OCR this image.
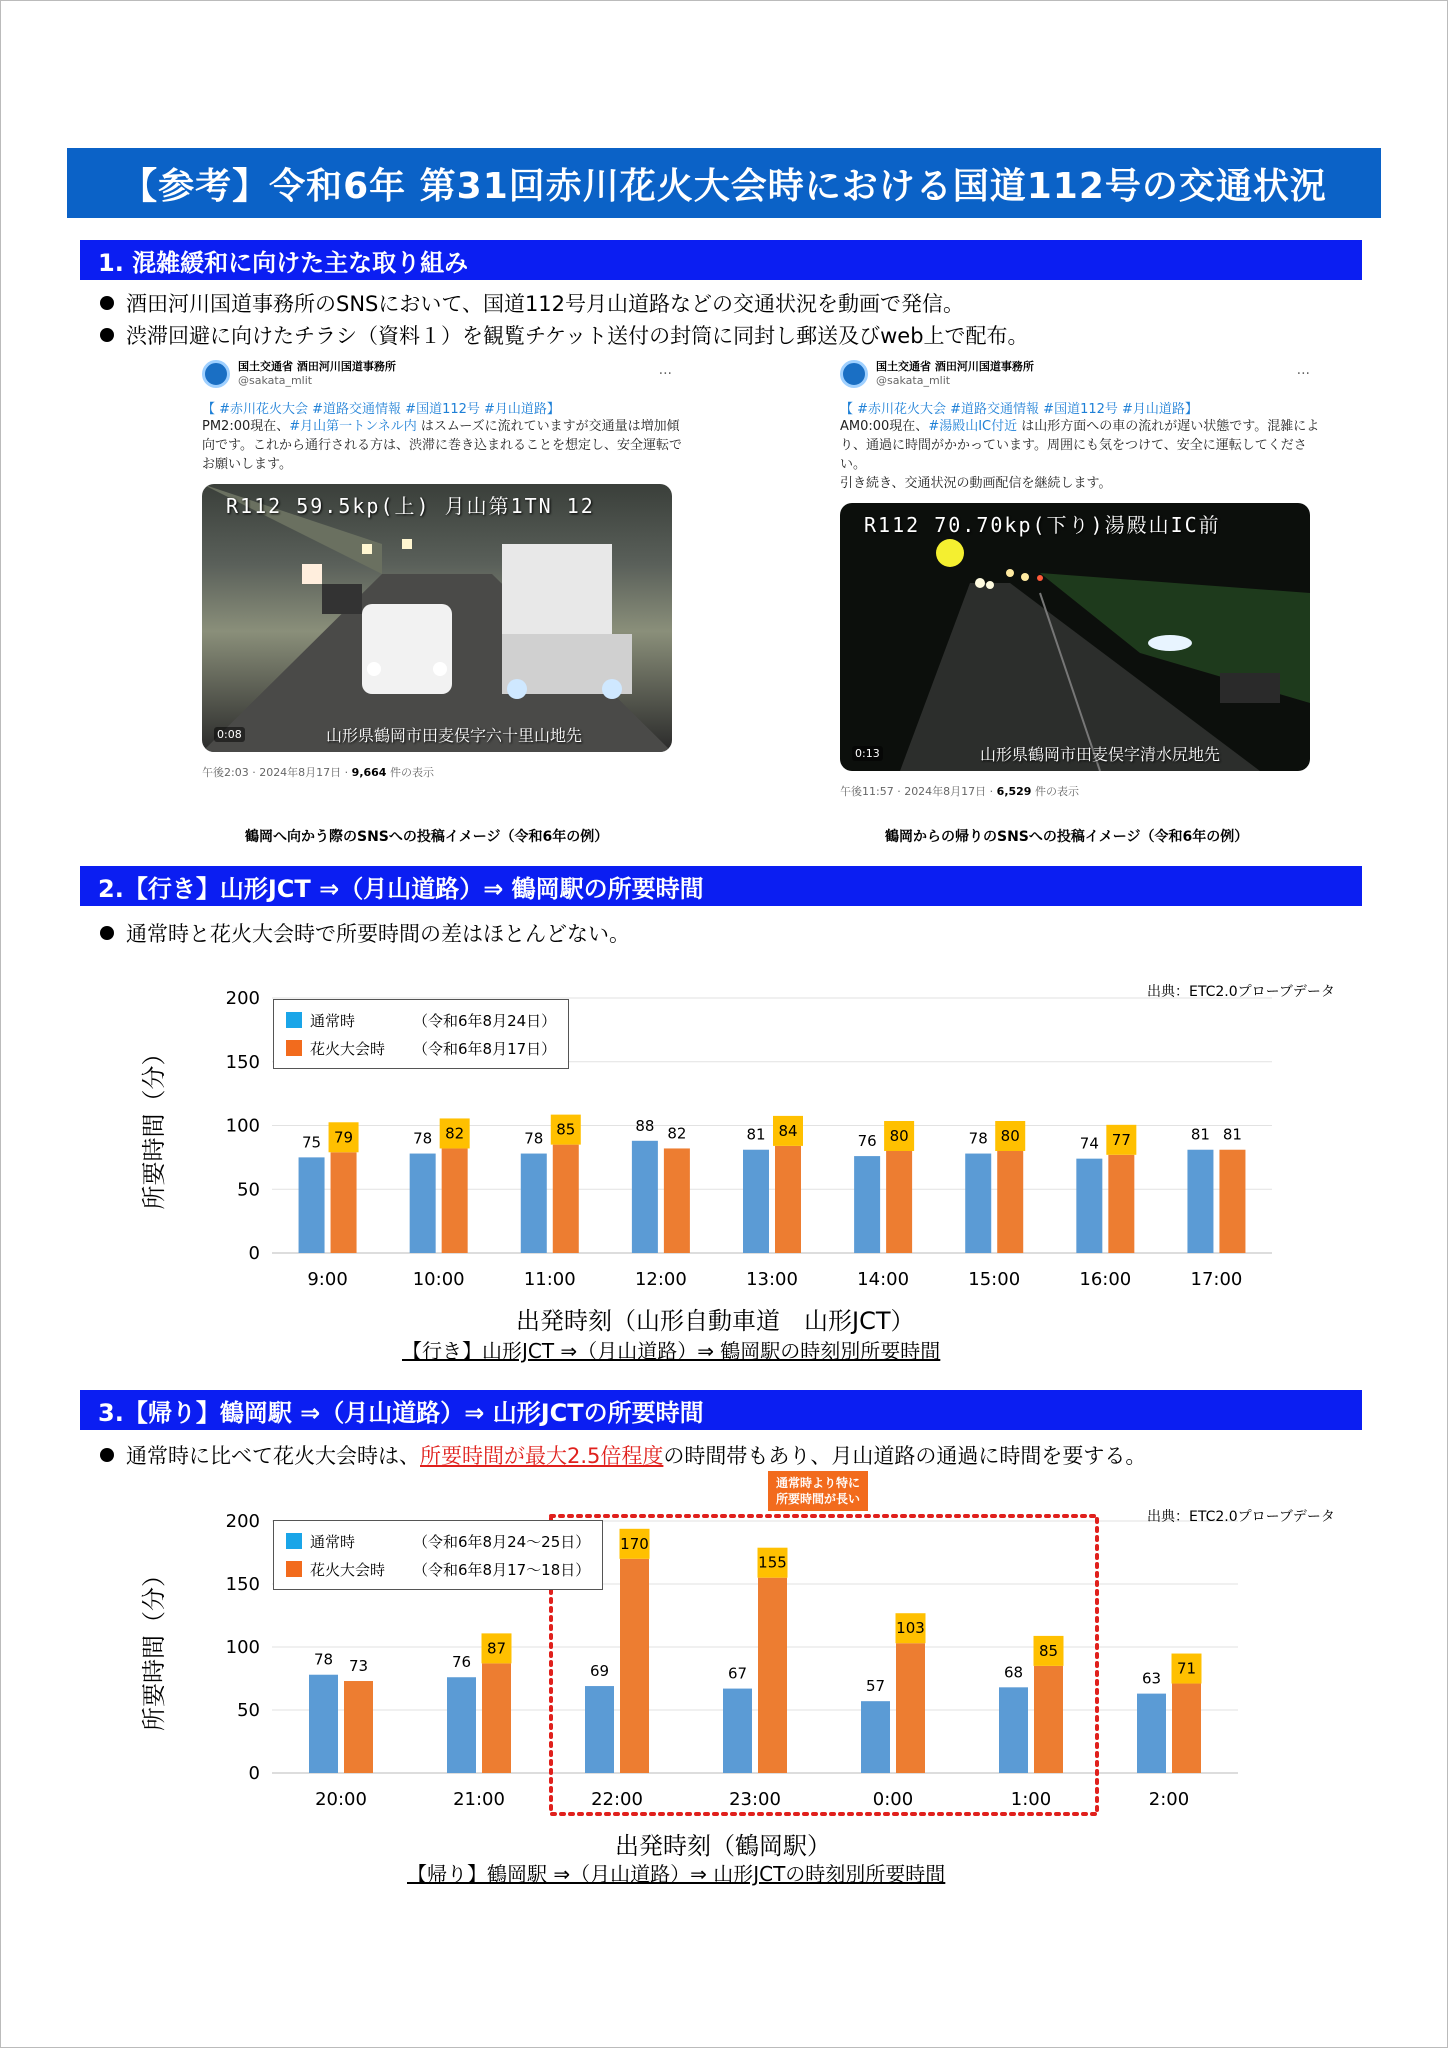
【参考】令和6年 第31回赤川花火大会時における国道112号の交通状況
1. 混雑緩和に向けた主な取り組み
酒田河川国道事務所のSNSにおいて、国道112号月山道路などの交通状況を動画で発信。
渋滞回避に向けたチラシ（資料１）を観覧チケット送付の封筒に同封し郵送及びweb上で配布。
国土交通省 酒田河川国道事務所
@sakata_mlit	···
【 #赤川花火大会 #道路交通情報 #国道112号 #月山道路】
PM2:00現在、#月山第一トンネル内 はスムーズに流れていますが交通量は増加傾向です。これから通行される方は、渋滞に巻き込まれることを想定し、安全運転でお願いします。
R112 59.5kp(上) 月山第1TN 12
山形県鶴岡市田麦俣字六十里山地先
0:08
午後2:03 · 2024年8月17日 · 9,664 件の表示
鶴岡へ向かう際のSNSへの投稿イメージ（令和6年の例）
国土交通省 酒田河川国道事務所
@sakata_mlit	···
【 #赤川花火大会 #道路交通情報 #国道112号 #月山道路】
AM0:00現在、#湯殿山IC付近 は山形方面への車の流れが遅い状態です。混雑により、通過に時間がかかっています。周囲にも気をつけて、安全に運転してください。
引き続き、交通状況の動画配信を継続します。
R112 70.70kp(下り)湯殿山IC前
山形県鶴岡市田麦俣字清水尻地先
0:13
午後11:57 · 2024年8月17日 · 6,529 件の表示
鶴岡からの帰りのSNSへの投稿イメージ（令和6年の例）
2.【行き】山形JCT ⇒（月山道路）⇒ 鶴岡駅の所要時間
通常時と花火大会時で所要時間の差はほとんどない。
所要時間（分）
0
50
100
150
200
75 79
9:00
78 82
10:00
78 85
11:00
88 82
12:00
81 84
13:00
76 80
14:00
78 80
15:00
74 77
16:00
81 81
17:00
通常時	（令和6年8月24日）
花火大会時	（令和6年8月17日）
出典：ETC2.0プローブデータ
出発時刻（山形自動車道　山形JCT）
【行き】山形JCT ⇒（月山道路）⇒ 鶴岡駅の時刻別所要時間
3.【帰り】鶴岡駅 ⇒（月山道路）⇒ 山形JCTの所要時間
通常時に比べて花火大会時は、所要時間が最大2.5倍程度の時間帯もあり、月山道路の通過に時間を要する。
所要時間（分）
0
50
100
150
200
78 73
20:00
76
87
21:00
69
170
22:00
67
155
23:00
57
103
0:00
68
85
1:00
63
71
2:00
通常時	（令和6年8月24～25日）
花火大会時	（令和6年8月17～18日）
出典：ETC2.0プローブデータ
通常時より特に
所要時間が長い
出発時刻（鶴岡駅）
【帰り】鶴岡駅 ⇒（月山道路）⇒ 山形JCTの時刻別所要時間
